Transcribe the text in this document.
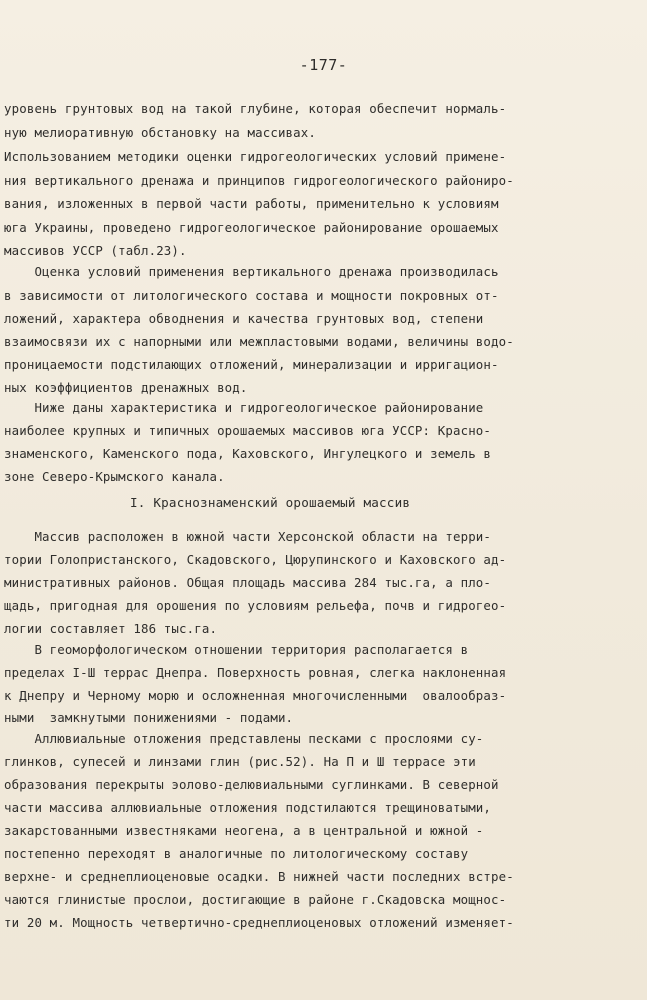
-177-
уровень грунтовых вод на такой глубине, которая обеспечит нормаль-
ную мелиоративную обстановку на массивах.
Использованием методики оценки гидрогеологических условий примене-
ния вертикального дренажа и принципов гидрогеологического райониро-
вания, изложенных в первой части работы, применительно к условиям
юга Украины, проведено гидрогеологическое районирование орошаемых
массивов УССР (табл.23).
Оценка условий применения вертикального дренажа производилась
в зависимости от литологического состава и мощности покровных от-
ложений, характера обводнения и качества грунтовых вод, степени
взаимосвязи их с напорными или межпластовыми водами, величины водо-
проницаемости подстилающих отложений, минерализации и ирригацион-
ных коэффициентов дренажных вод.
Ниже даны характеристика и гидрогеологическое районирование
наиболее крупных и типичных орошаемых массивов юга УССР: Красно-
знаменского, Каменского пода, Каховского, Ингулецкого и земель в
зоне Северо-Крымского канала.
I. Краснознаменский орошаемый массив
Массив расположен в южной части Херсонской области на терри-
тории Голопристанского, Скадовского, Цюрупинского и Каховского ад-
министративных районов. Общая площадь массива 284 тыс.га, а пло-
щадь, пригодная для орошения по условиям рельефа, почв и гидрогео-
логии составляет 186 тыс.га.
В геоморфологическом отношении территория располагается в
пределах I-Ш террас Днепра. Поверхность ровная, слегка наклоненная
к Днепру и Черному морю и осложненная многочисленными  овалообраз-
ными  замкнутыми понижениями - подами.
Аллювиальные отложения представлены песками с прослоями су-
глинков, супесей и линзами глин (рис.52). На П и Ш террасе эти
образования перекрыты эолово-делювиальными суглинками. В северной
части массива аллювиальные отложения подстилаются трещиноватыми,
закарстованными известняками неогена, а в центральной и южной -
постепенно переходят в аналогичные по литологическому составу
верхне- и среднеплиоценовые осадки. В нижней части последних встре-
чаются глинистые прослои, достигающие в районе г.Скадовска мощнос-
ти 20 м. Мощность четвертично-среднеплиоценовых отложений изменяет-
